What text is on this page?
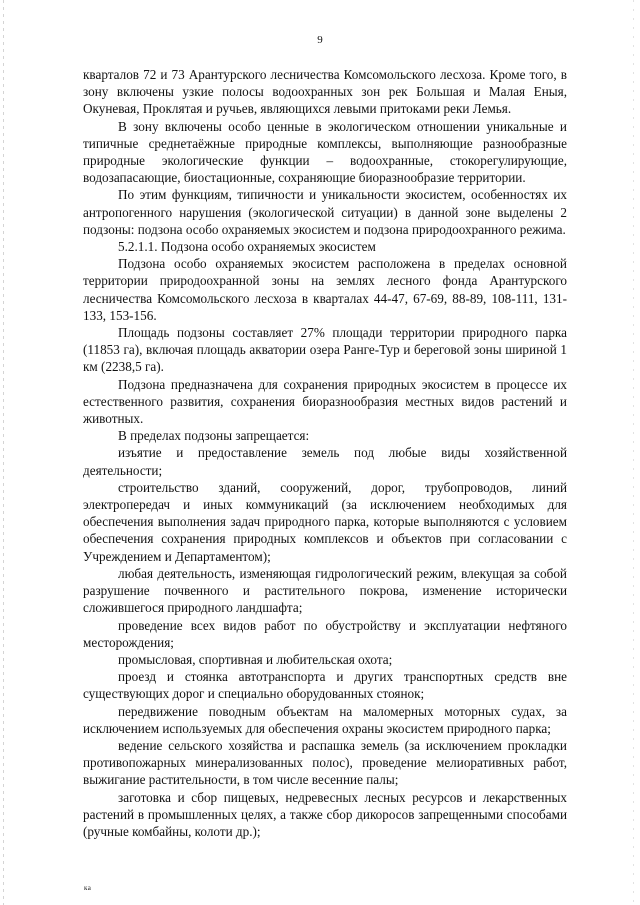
9

кварталов 72 и 73 Арантурского лесничества Комсомольского лесхоза. Кроме того, в зону включены узкие полосы водоохранных зон рек Большая и Малая Еныя, Окуневая, Проклятая и ручьев, являющихся левыми притоками реки Лемья.

В зону включены особо ценные в экологическом отношении уникальные и типичные среднетаёжные природные комплексы, выполняющие разнообразные природные экологические функции – водоохранные, стокорегулирующие, водозапасающие, биостационные, сохраняющие биоразнообразие территории.

По этим функциям, типичности и уникальности экосистем, особенностях их антропогенного нарушения (экологической ситуации) в данной зоне выделены 2 подзоны: подзона особо охраняемых экосистем и подзона природоохранного режима.

5.2.1.1. Подзона особо охраняемых экосистем

Подзона особо охраняемых экосистем расположена в пределах основной территории природоохранной зоны на землях лесного фонда Арантурского лесничества Комсомольского лесхоза в кварталах 44-47, 67-69, 88-89, 108-111, 131-133, 153-156.

Площадь подзоны составляет 27% площади территории природного парка (11853 га), включая площадь акватории озера Ранге-Тур и береговой зоны шириной 1 км (2238,5 га).

Подзона предназначена для сохранения природных экосистем в процессе их естественного развития, сохранения биоразнообразия местных видов растений и животных.

В пределах подзоны запрещается:

изъятие и предоставление земель под любые виды хозяйственной деятельности;

строительство зданий, сооружений, дорог, трубопроводов, линий электропередач и иных коммуникаций (за исключением необходимых для обеспечения выполнения задач природного парка, которые выполняются с условием обеспечения сохранения природных комплексов и объектов при согласовании с Учреждением и Департаментом);

любая деятельность, изменяющая гидрологический режим, влекущая за собой разрушение почвенного и растительного покрова, изменение исторически сложившегося природного ландшафта;

проведение всех видов работ по обустройству и эксплуатации нефтяного месторождения;

промысловая, спортивная и любительская охота;

проезд и стоянка автотранспорта и других транспортных средств вне существующих дорог и специально оборудованных стоянок;

передвижение поводным объектам на маломерных моторных судах, за исключением используемых для обеспечения охраны экосистем природного парка;

ведение сельского хозяйства и распашка земель (за исключением прокладки противопожарных минерализованных полос), проведение мелиоративных работ, выжигание растительности, в том числе весенние палы;

заготовка и сбор пищевых, недревесных лесных ресурсов и лекарственных растений в промышленных целях, а также сбор дикоросов запрещенными способами (ручные комбайны, колоти др.);

ка
